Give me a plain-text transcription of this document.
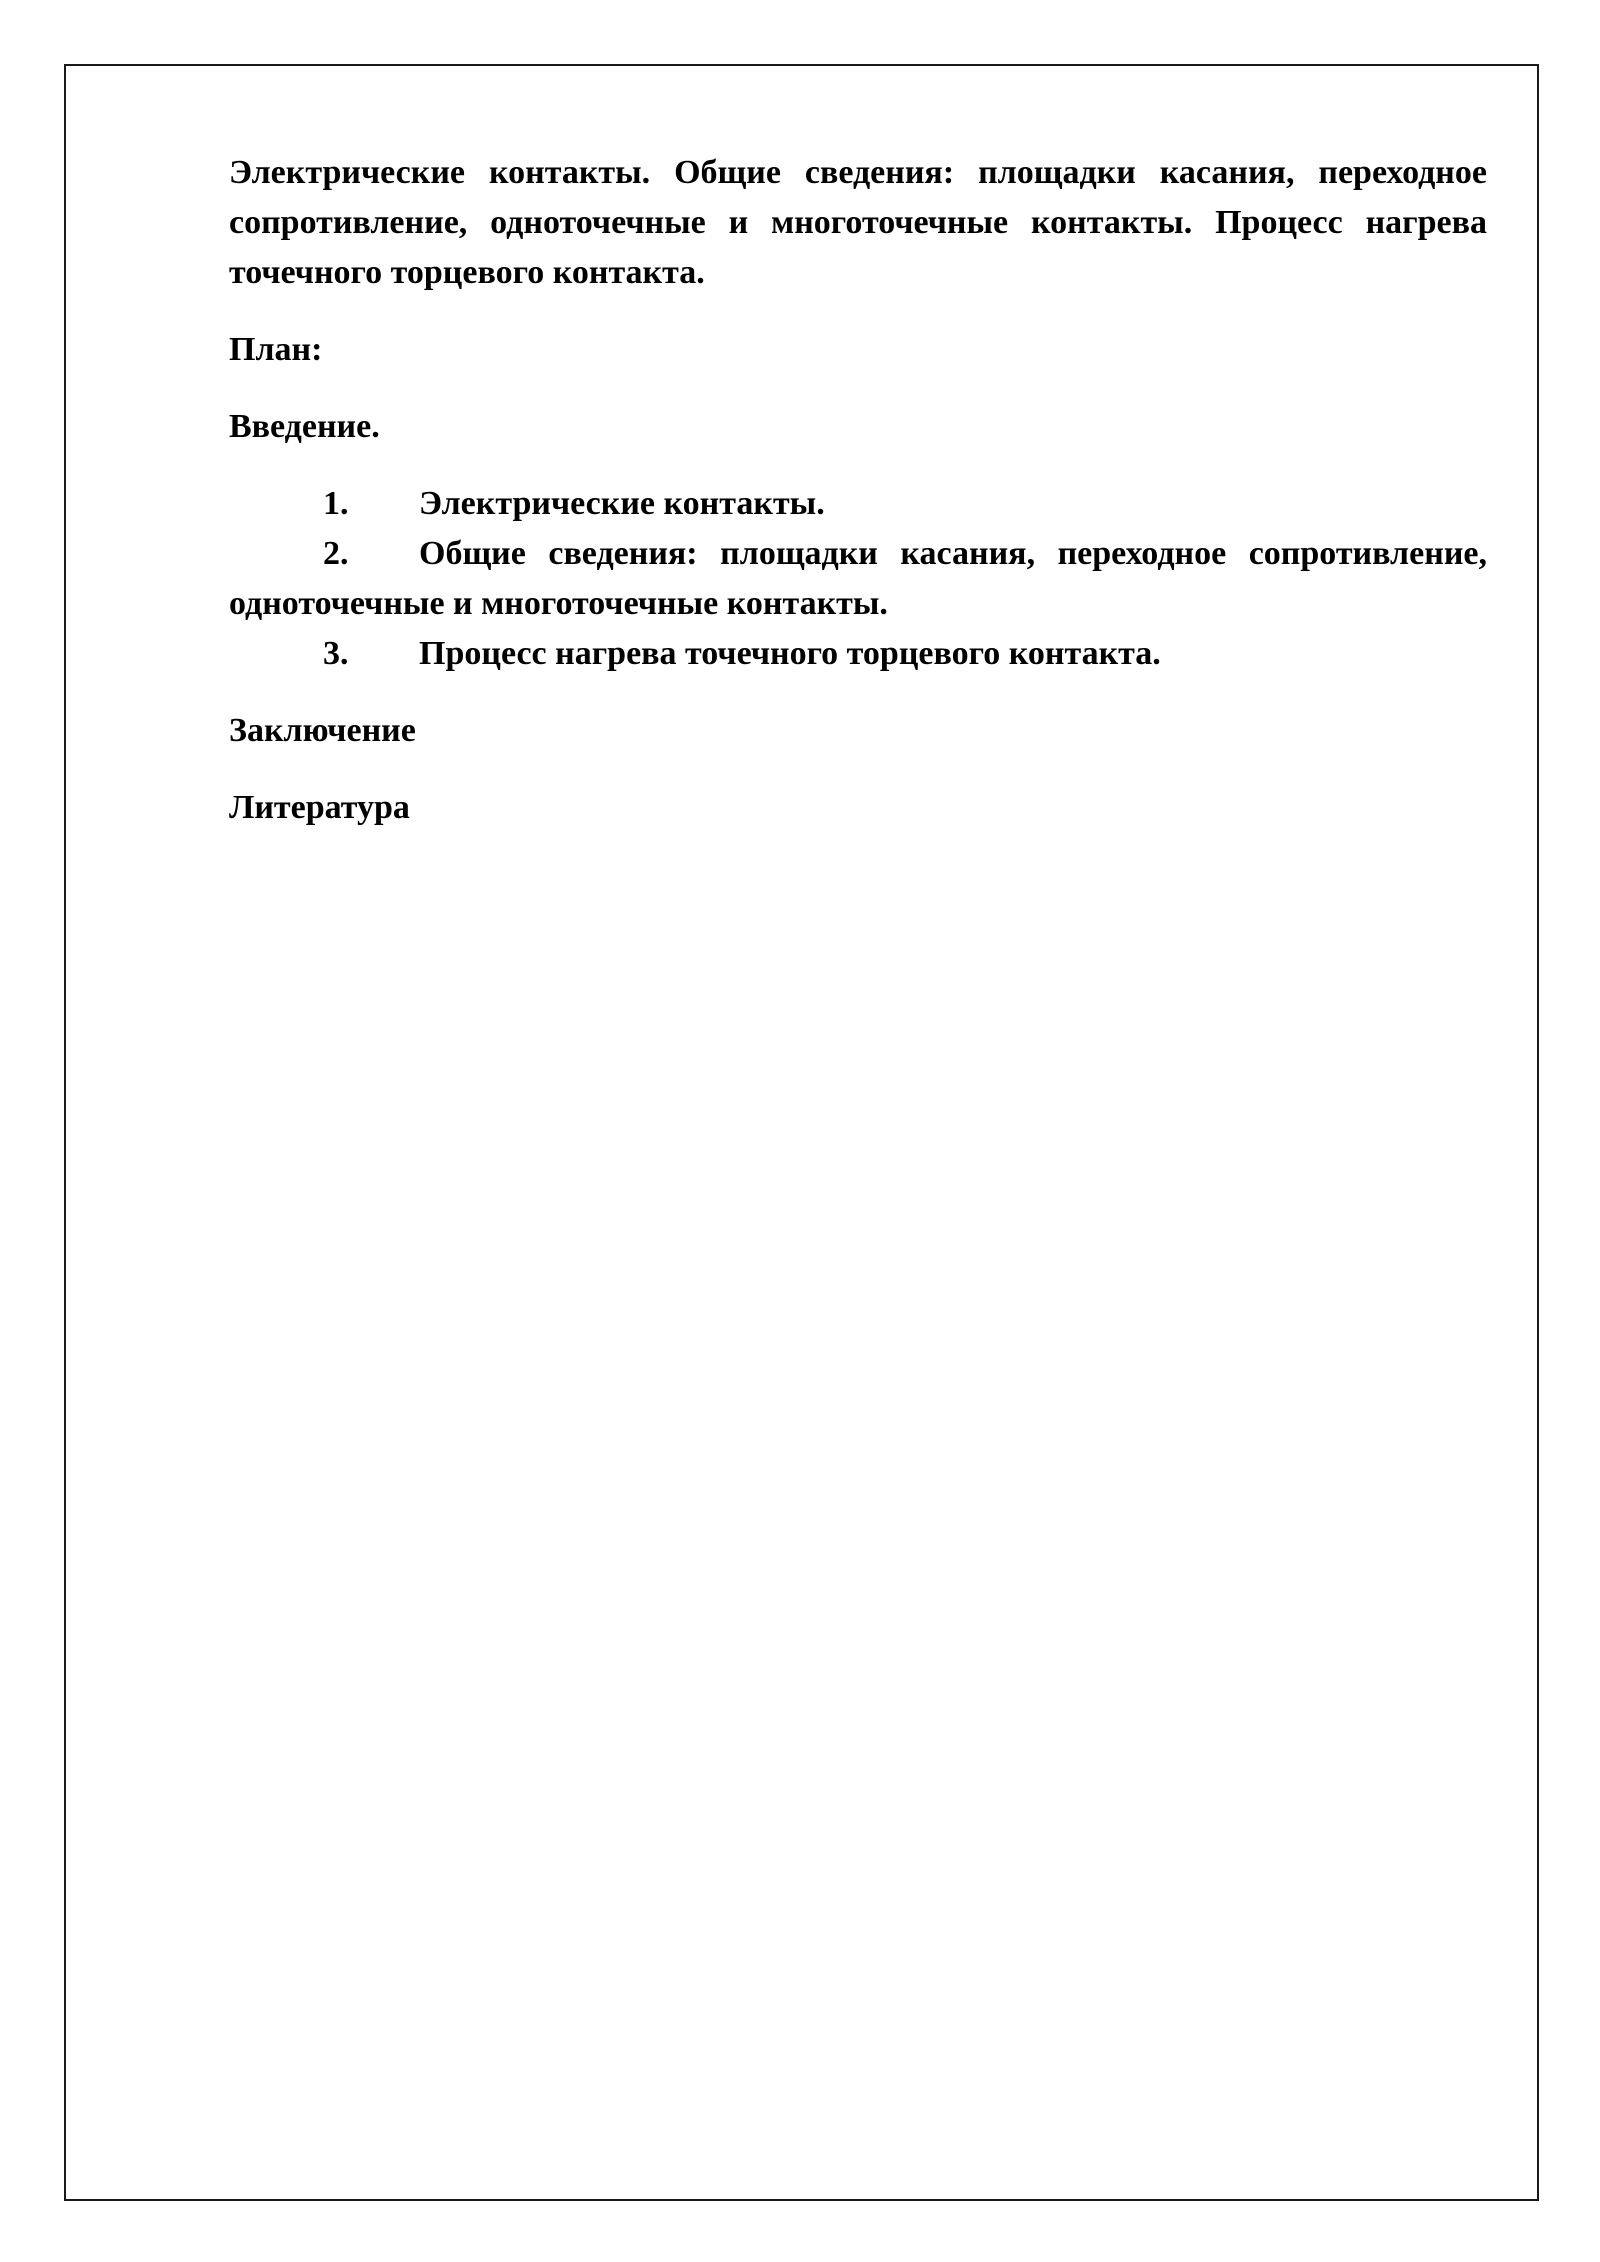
Электрические контакты. Общие сведения: площадки касания, переходное сопротивление, одноточечные и многоточечные контакты. Процесс нагрева точечного торцевого контакта.

План:

Введение.

1. Электрические контакты.
2. Общие сведения: площадки касания, переходное сопротивление, одноточечные и многоточечные контакты.
3. Процесс нагрева точечного торцевого контакта.

Заключение

Литература
